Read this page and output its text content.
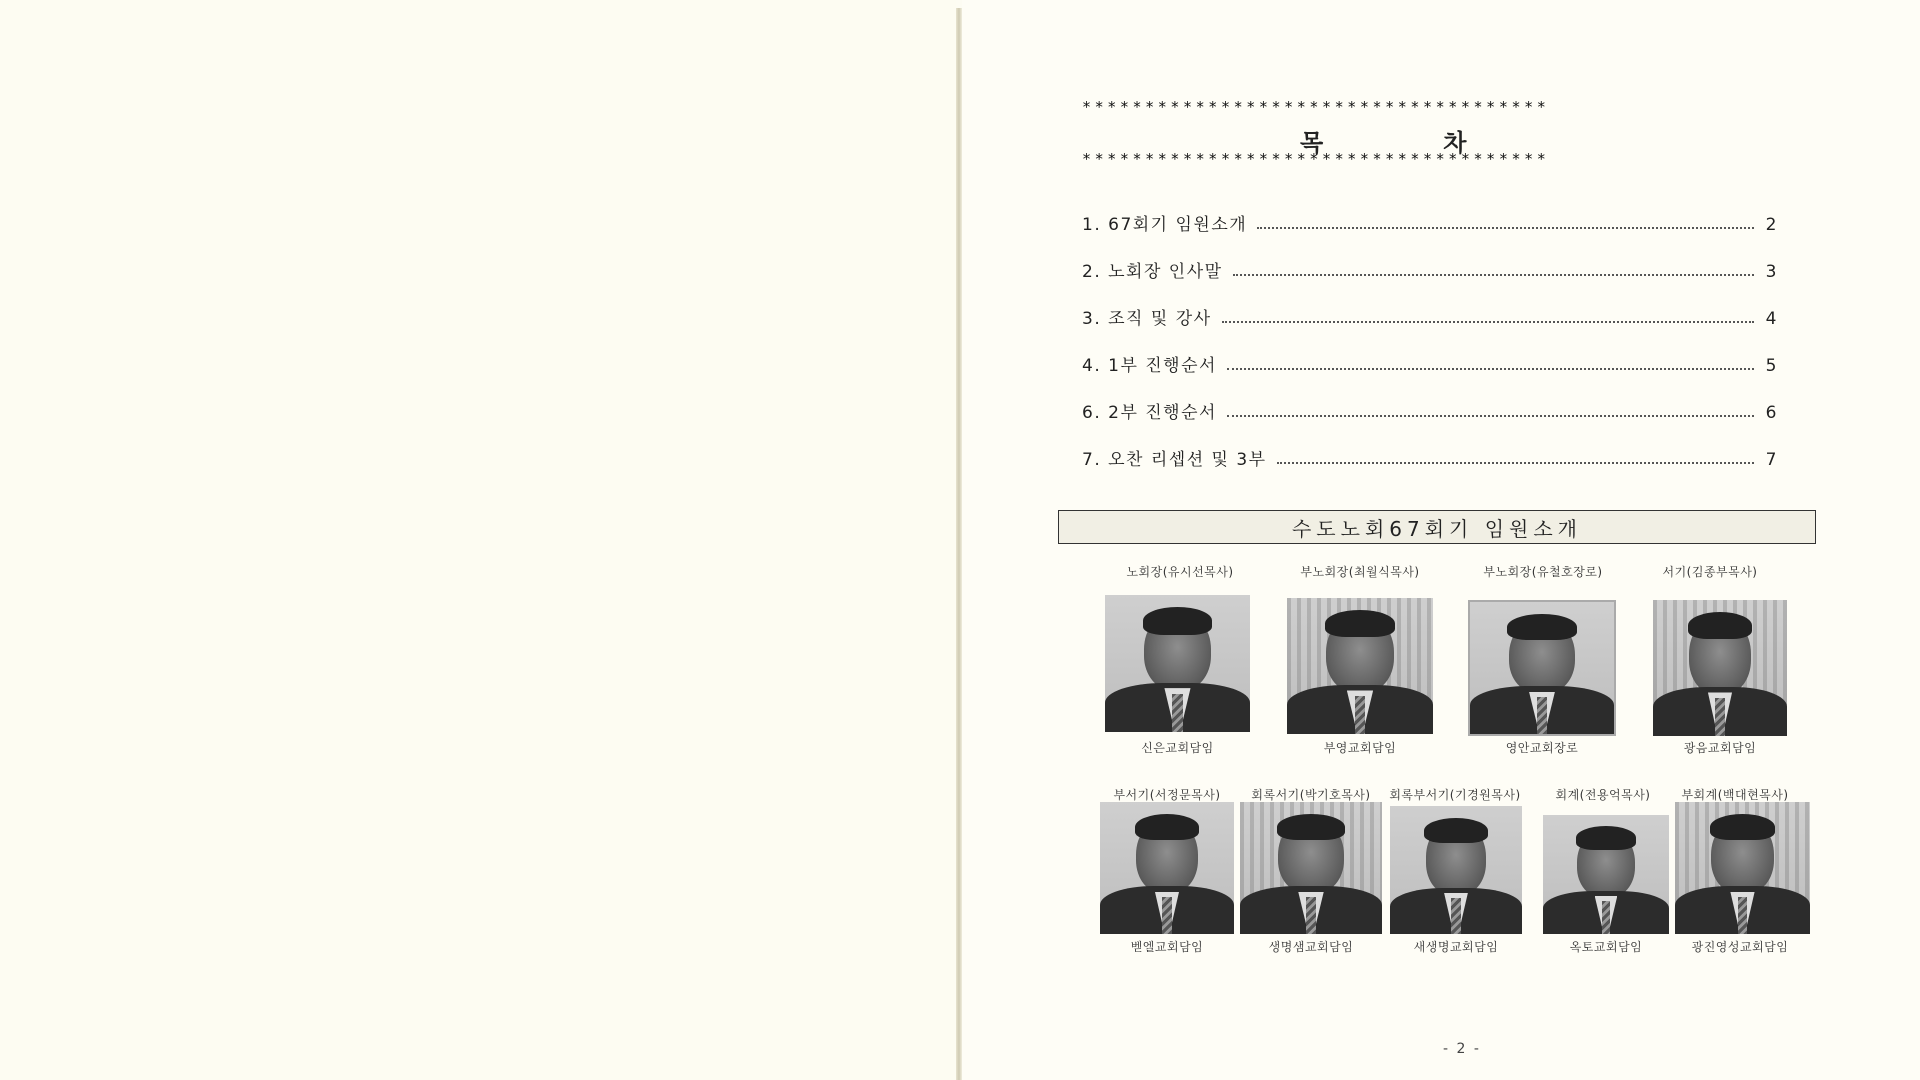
*************************************
목	차
*************************************
1. 67회기 임원소개	2
2. 노회장 인사말	3
3. 조직 및 강사	4
4. 1부 진행순서	5
6. 2부 진행순서	6
7. 오찬 리셉션 및 3부	7
수도노회67회기 임원소개
노회장(유시선목사)	부노회장(최월식목사)	부노회장(유철호장로)	서기(김종부목사)
신은교회담임	부영교회담임	영안교회장로	광음교회담임
부서기(서정문목사)	회록서기(박기호목사)	회록부서기(기경원목사)	회계(전용억목사)	부회계(백대현목사)
벧엘교회담임	생명샘교회담임	새생명교회담임	옥토교회담임	광진영성교회담임
- 2 -
